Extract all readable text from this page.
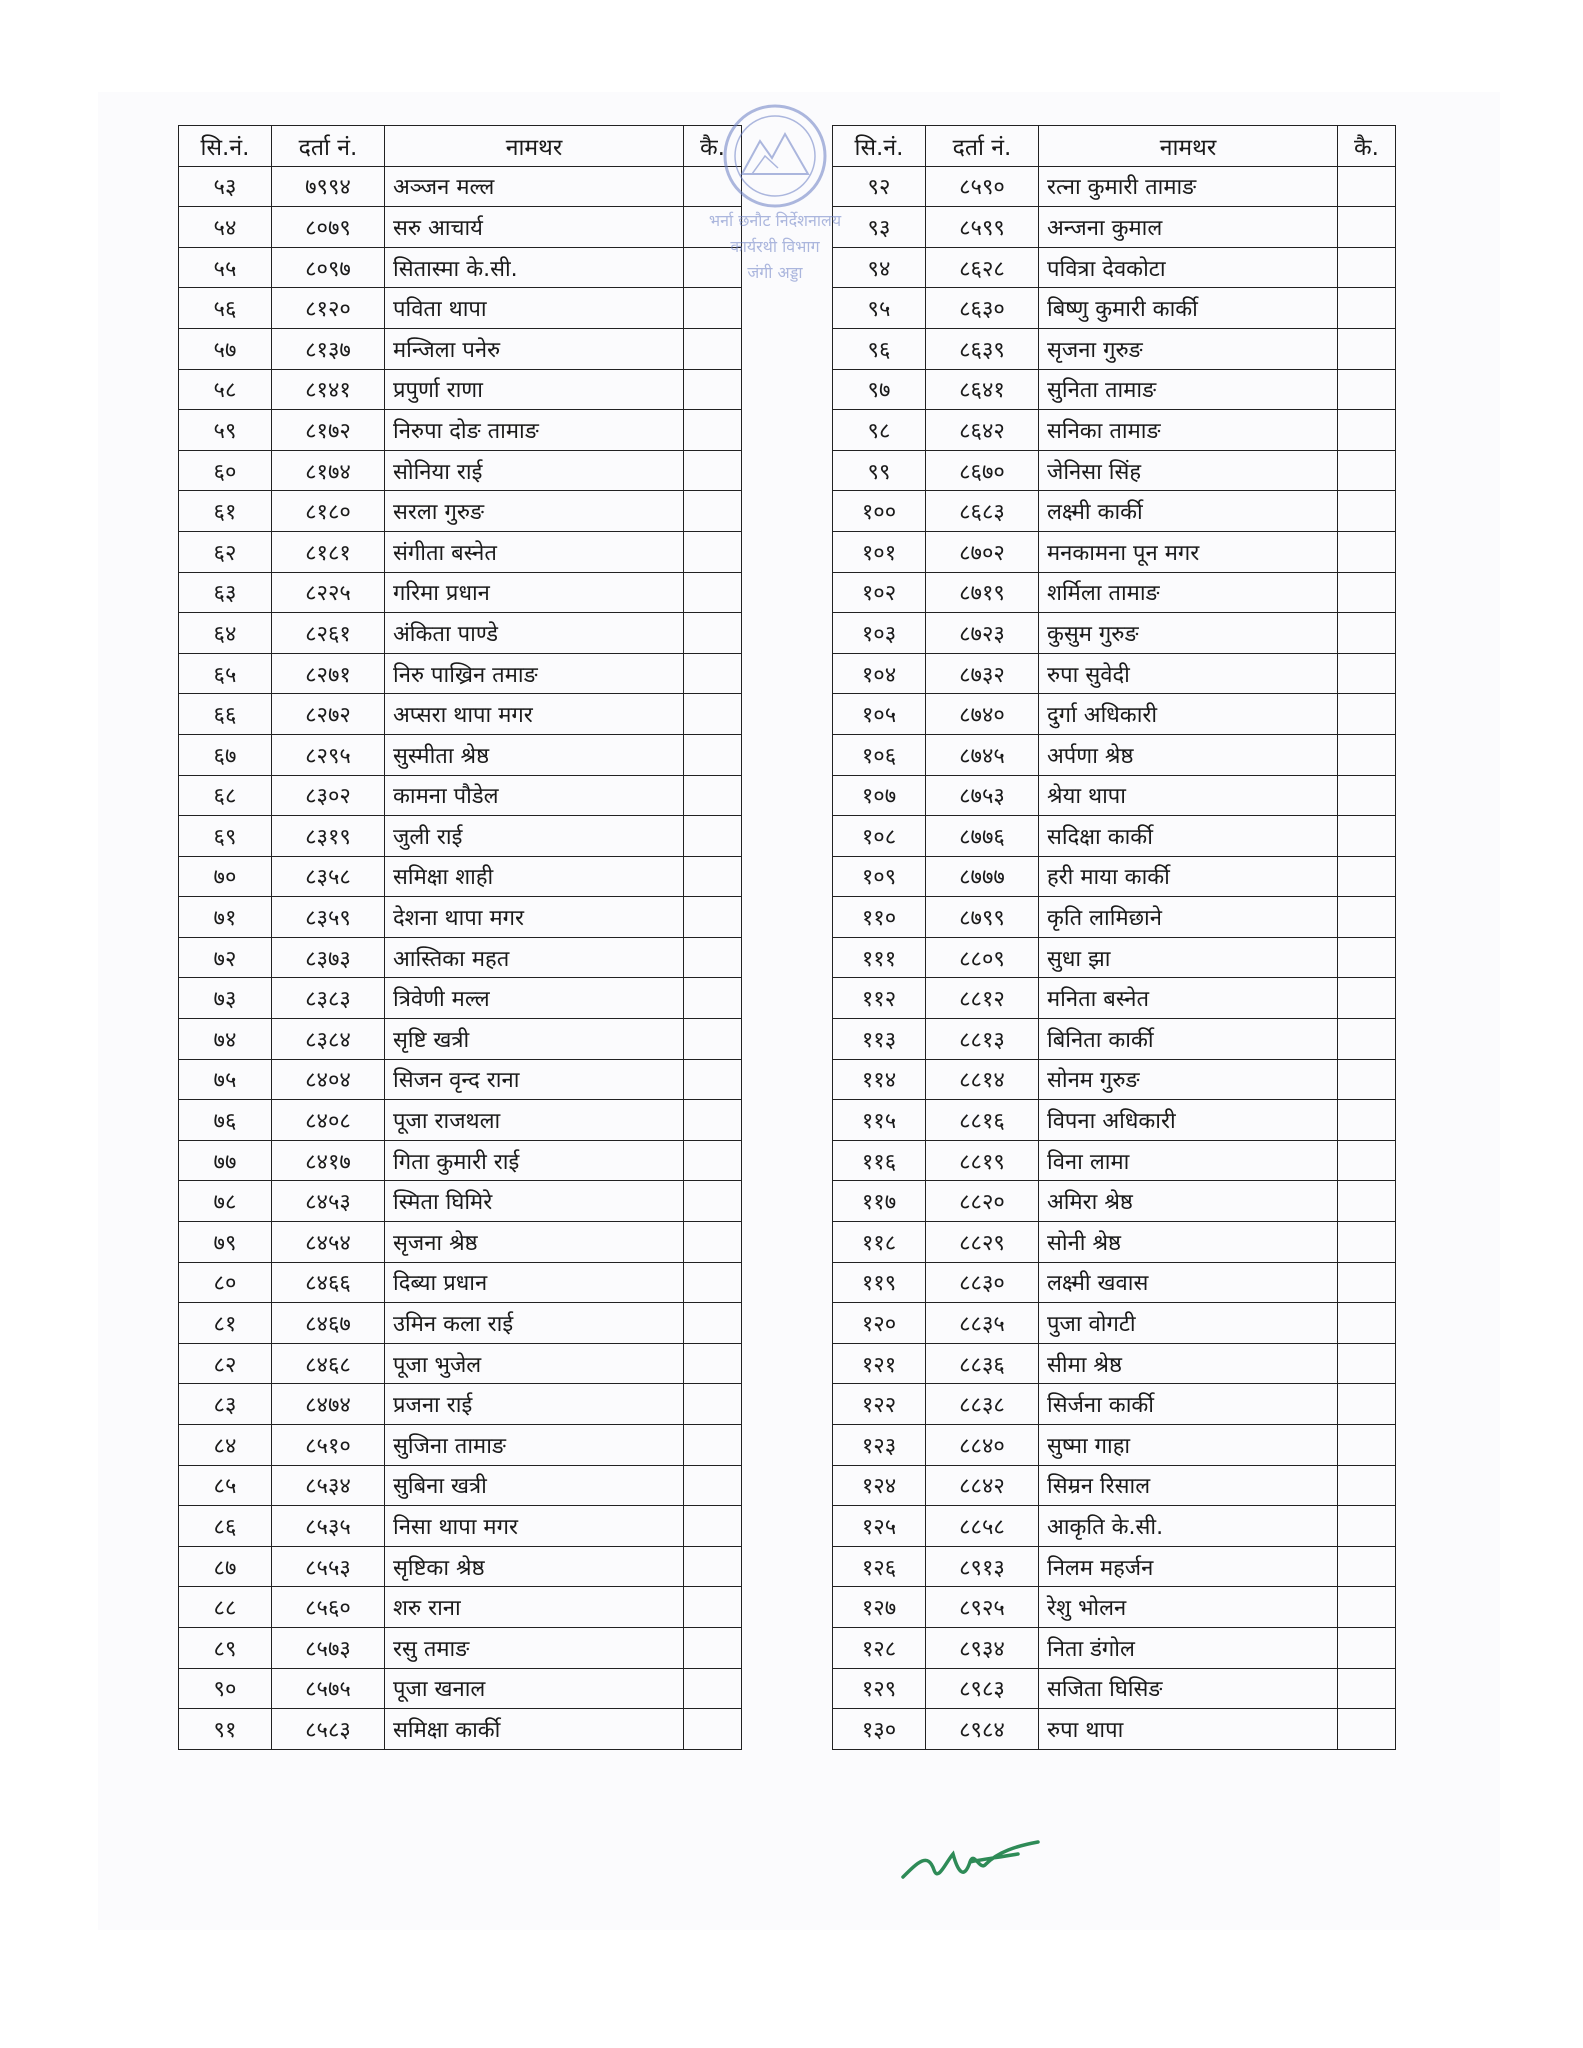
सि.नं.	दर्ता नं.	नामथर	कै.
५३	७९९४	अञ्जन मल्ल	
५४	८०७९	सरु आचार्य	
५५	८०९७	सितास्मा के.सी.	
५६	८१२०	पविता थापा	
५७	८१३७	मन्जिला पनेरु	
५८	८१४१	प्रपुर्णा राणा	
५९	८१७२	निरुपा दोङ तामाङ	
६०	८१७४	सोनिया राई	
६१	८१८०	सरला गुरुङ	
६२	८१८१	संगीता बस्नेत	
६३	८२२५	गरिमा प्रधान	
६४	८२६१	अंकिता पाण्डे	
६५	८२७१	निरु पाख्रिन तमाङ	
६६	८२७२	अप्सरा थापा मगर	
६७	८२९५	सुस्मीता श्रेष्ठ	
६८	८३०२	कामना पौडेल	
६९	८३१९	जुली राई	
७०	८३५८	समिक्षा शाही	
७१	८३५९	देशना थापा मगर	
७२	८३७३	आस्तिका महत	
७३	८३८३	त्रिवेणी मल्ल	
७४	८३८४	सृष्टि खत्री	
७५	८४०४	सिजन वृन्द राना	
७६	८४०८	पूजा राजथला	
७७	८४१७	गिता कुमारी राई	
७८	८४५३	स्मिता घिमिरे	
७९	८४५४	सृजना श्रेष्ठ	
८०	८४६६	दिब्या प्रधान	
८१	८४६७	उमिन कला राई	
८२	८४६८	पूजा भुजेल	
८३	८४७४	प्रजना राई	
८४	८५१०	सुजिना तामाङ	
८५	८५३४	सुबिना खत्री	
८६	८५३५	निसा थापा मगर	
८७	८५५३	सृष्टिका श्रेष्ठ	
८८	८५६०	शरु राना	
८९	८५७३	रसु तमाङ	
९०	८५७५	पूजा खनाल	
९१	८५८३	समिक्षा कार्की	
सि.नं.	दर्ता नं.	नामथर	कै.
९२	८५९०	रत्ना कुमारी तामाङ	
९३	८५९९	अन्जना कुमाल	
९४	८६२८	पवित्रा देवकोटा	
९५	८६३०	बिष्णु कुमारी कार्की	
९६	८६३९	सृजना गुरुङ	
९७	८६४१	सुनिता तामाङ	
९८	८६४२	सनिका तामाङ	
९९	८६७०	जेनिसा सिंह	
१००	८६८३	लक्ष्मी कार्की	
१०१	८७०२	मनकामना पून मगर	
१०२	८७१९	शर्मिला तामाङ	
१०३	८७२३	कुसुम गुरुङ	
१०४	८७३२	रुपा सुवेदी	
१०५	८७४०	दुर्गा अधिकारी	
१०६	८७४५	अर्पणा श्रेष्ठ	
१०७	८७५३	श्रेया थापा	
१०८	८७७६	सदिक्षा कार्की	
१०९	८७७७	हरी माया कार्की	
११०	८७९९	कृति लामिछाने	
१११	८८०९	सुधा झा	
११२	८८१२	मनिता बस्नेत	
११३	८८१३	बिनिता कार्की	
११४	८८१४	सोनम गुरुङ	
११५	८८१६	विपना अधिकारी	
११६	८८१९	विना लामा	
११७	८८२०	अमिरा श्रेष्ठ	
११८	८८२९	सोनी श्रेष्ठ	
११९	८८३०	लक्ष्मी खवास	
१२०	८८३५	पुजा वोगटी	
१२१	८८३६	सीमा श्रेष्ठ	
१२२	८८३८	सिर्जना कार्की	
१२३	८८४०	सुष्मा गाहा	
१२४	८८४२	सिम्रन रिसाल	
१२५	८८५८	आकृति के.सी.	
१२६	८९१३	निलम महर्जन	
१२७	८९२५	रेशु भोलन	
१२८	८९३४	निता डंगोल	
१२९	८९८३	सजिता घिसिङ	
१३०	८९८४	रुपा थापा	
भर्ना छनौट निर्देशनालय
कार्यरथी विभाग
जंगी अड्डा
